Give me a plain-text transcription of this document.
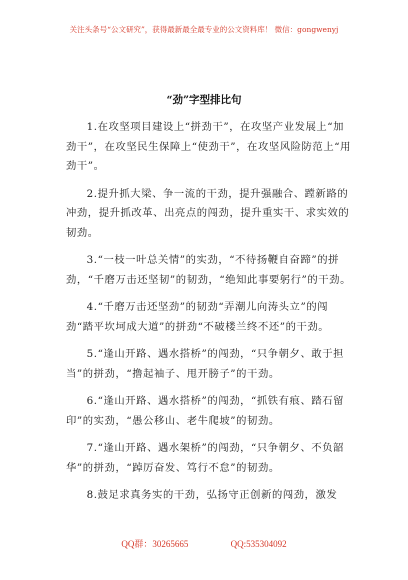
关注头条号“公文研究”，获得最新最全最专业的公文资料库！ 微信：gongwenyj
“劲”字型排比句

1.在攻坚项目建设上“拼劲干”，在攻坚产业发展上“加劲干”，在攻坚民生保障上“使劲干”，在攻坚风险防范上“用劲干”。

2.提升抓大梁、争一流的干劲，提升强融合、蹚新路的冲劲，提升抓改革、出亮点的闯劲，提升重实干、求实效的韧劲。

3.“一枝一叶总关情”的实劲，“不待扬鞭自奋蹄”的拼劲，“千磨万击还坚韧”的韧劲，“绝知此事要躬行”的干劲。

4.“千磨万击还坚劲”的韧劲“弄潮儿向涛头立”的闯劲“踏平坎坷成大道”的拼劲“不破楼兰终不还”的干劲。

5.“逢山开路、遇水搭桥”的闯劲，“只争朝夕、敢于担当”的拼劲，“撸起袖子、甩开膀子”的干劲。

6.“逢山开路、遇水搭桥”的闯劲，“抓铁有痕、踏石留印”的实劲，“愚公移山、老牛爬坡”的韧劲。

7.“逢山开路、遇水架桥”的闯劲，“只争朝夕、不负韶华”的拼劲，“踔厉奋发、笃行不怠”的韧劲。

8.鼓足求真务实的干劲，弘扬守正创新的闯劲，激发

QQ群：30265665	QQ:535304092
